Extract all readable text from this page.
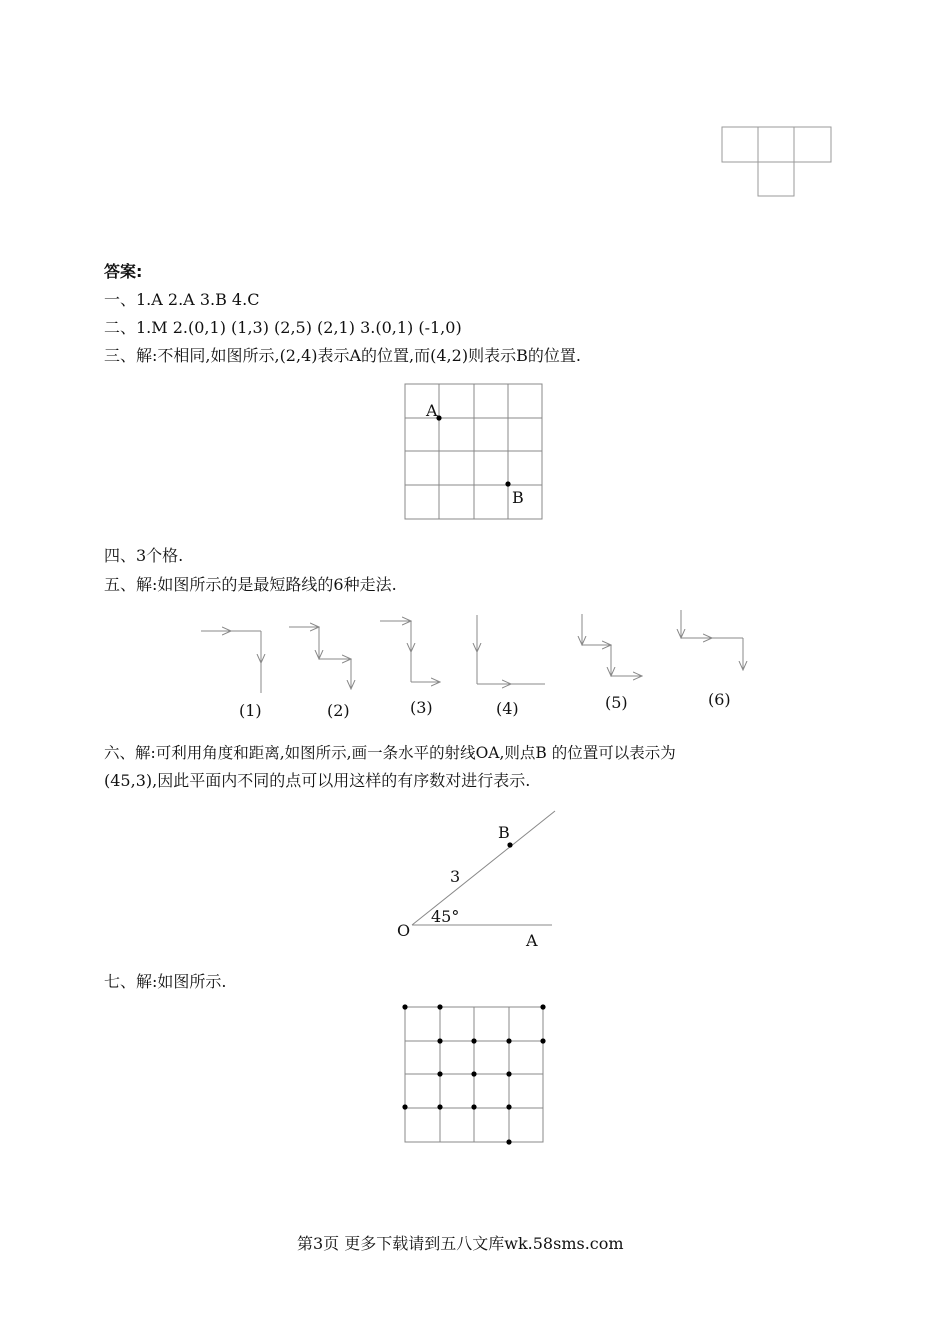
答案:
一、1.A 2.A 3.B 4.C
二、1.M 2.(0,1) (1,3) (2,5) (2,1) 3.(0,1) (-1,0)
三、解:不相同,如图所示,(2,4)表示A的位置,而(4,2)则表示B的位置.
四、3个格.
五、解:如图所示的是最短路线的6种走法.
六、解:可利用角度和距离,如图所示,画一条水平的射线OA,则点B 的位置可以表示为
(45,3),因此平面内不同的点可以用这样的有序数对进行表示.
七、解:如图所示.
第3页 更多下载请到五八文库wk.58sms.com
A
B
(1)	(2)	(3)	(4)	(5)	(6)
B
3
45°
O
A
